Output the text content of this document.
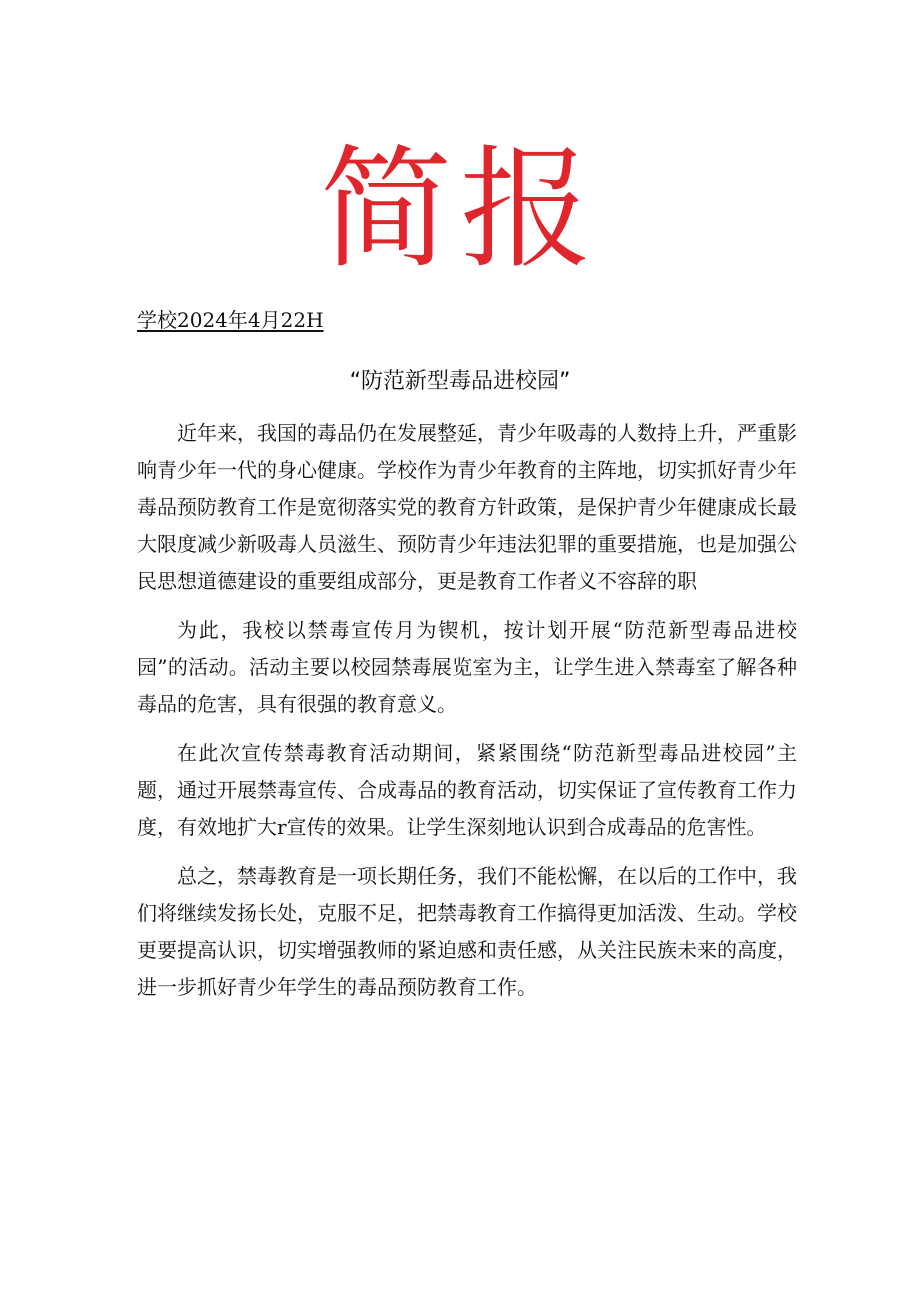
简报
学校2024年4月22H
“防范新型毒品进校园”

近年来，我国的毒品仍在发展整延，青少年吸毒的人数持上升，严重影响青少年一代的身心健康。学校作为青少年教育的主阵地，切实抓好青少年毒品预防教育工作是宽彻落实党的教育方针政策，是保护青少年健康成长最大限度减少新吸毒人员滋生、预防青少年违法犯罪的重要措施，也是加强公民思想道德建设的重要组成部分，更是教育工作者义不容辞的职

为此，我校以禁毒宣传月为锲机，按计划开展“防范新型毒品进校园”的活动。活动主要以校园禁毒展览室为主，让学生进入禁毒室了解各种毒品的危害，具有很强的教育意义。

在此次宣传禁毒教育活动期间，紧紧围绕“防范新型毒品进校园”主题，通过开展禁毒宣传、合成毒品的教育活动，切实保证了宣传教育工作力度，有效地扩大r宣传的效果。让学生深刻地认识到合成毒品的危害性。

总之，禁毒教育是一项长期任务，我们不能松懈，在以后的工作中，我们将继续发扬长处，克服不足，把禁毒教育工作搞得更加活泼、生动。学校更要提高认识，切实增强教师的紧迫感和责任感，从关注民族未来的高度，进一步抓好青少年学生的毒品预防教育工作。
